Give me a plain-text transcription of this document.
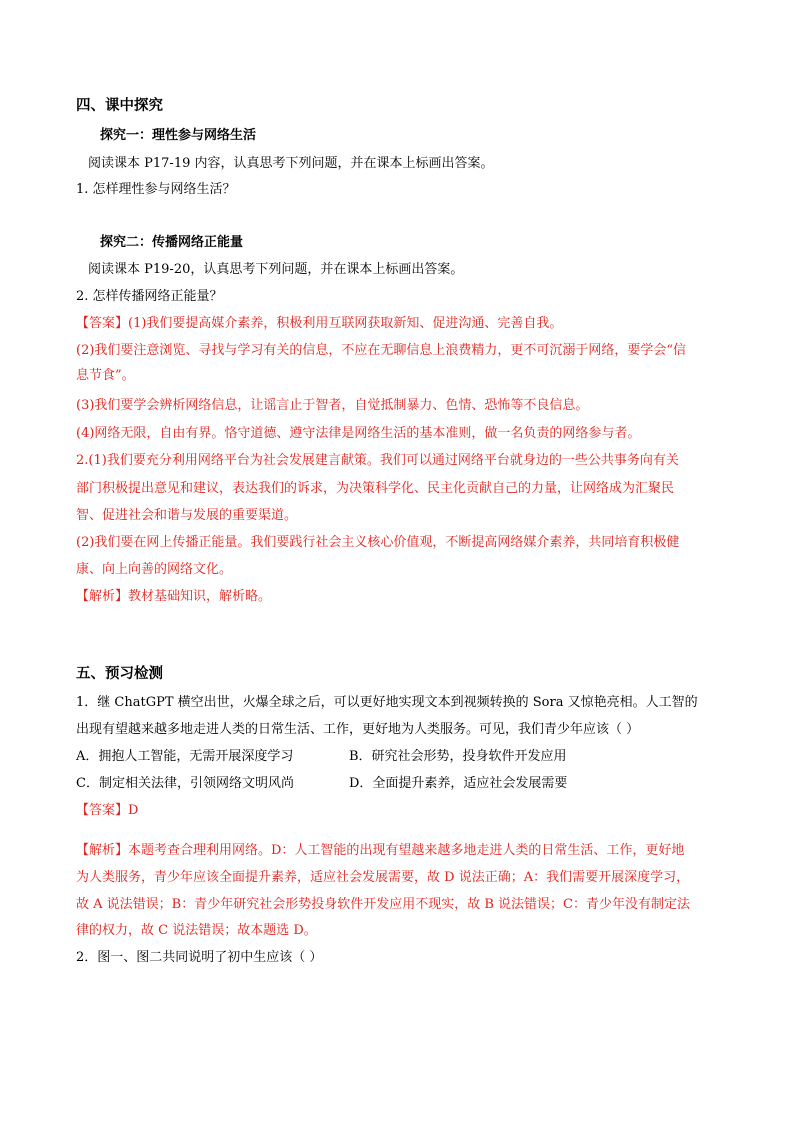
四、课中探究
探究一：理性参与网络生活
阅读课本 P17-19 内容，认真思考下列问题，并在课本上标画出答案。
1. 怎样理性参与网络生活？
探究二：传播网络正能量
阅读课本 P19-20，认真思考下列问题，并在课本上标画出答案。
2. 怎样传播网络正能量？
【答案】(1)我们要提高媒介素养，积极利用互联网获取新知、促进沟通、完善自我。
(2)我们要注意浏览、寻找与学习有关的信息，不应在无聊信息上浪费精力，更不可沉溺于网络，要学会“信
息节食”。
(3)我们要学会辨析网络信息，让谣言止于智者，自觉抵制暴力、色情、恐怖等不良信息。
(4)网络无限，自由有界。恪守道德、遵守法律是网络生活的基本准则，做一名负责的网络参与者。
2.(1)我们要充分利用网络平台为社会发展建言献策。我们可以通过网络平台就身边的一些公共事务向有关
部门积极提出意见和建议，表达我们的诉求，为决策科学化、民主化贡献自己的力量，让网络成为汇聚民
智、促进社会和谐与发展的重要渠道。
(2)我们要在网上传播正能量。我们要践行社会主义核心价值观，不断提高网络媒介素养，共同培育积极健
康、向上向善的网络文化。
【解析】教材基础知识，解析略。
五、预习检测
1．继 ChatGPT 横空出世，火爆全球之后，可以更好地实现文本到视频转换的 Sora 又惊艳亮相。人工智的
出现有望越来越多地走进人类的日常生活、工作，更好地为人类服务。可见，我们青少年应该（ ）
A．拥抱人工智能，无需开展深度学习	B．研究社会形势，投身软件开发应用
C．制定相关法律，引领网络文明风尚	D．全面提升素养，适应社会发展需要
【答案】D
【解析】本题考查合理利用网络。D：人工智能的出现有望越来越多地走进人类的日常生活、工作，更好地
为人类服务，青少年应该全面提升素养，适应社会发展需要，故 D 说法正确；A：我们需要开展深度学习，
故 A 说法错误；B：青少年研究社会形势投身软件开发应用不现实，故 B 说法错误；C：青少年没有制定法
律的权力，故 C 说法错误；故本题选 D。
2．图一、图二共同说明了初中生应该（ ）
